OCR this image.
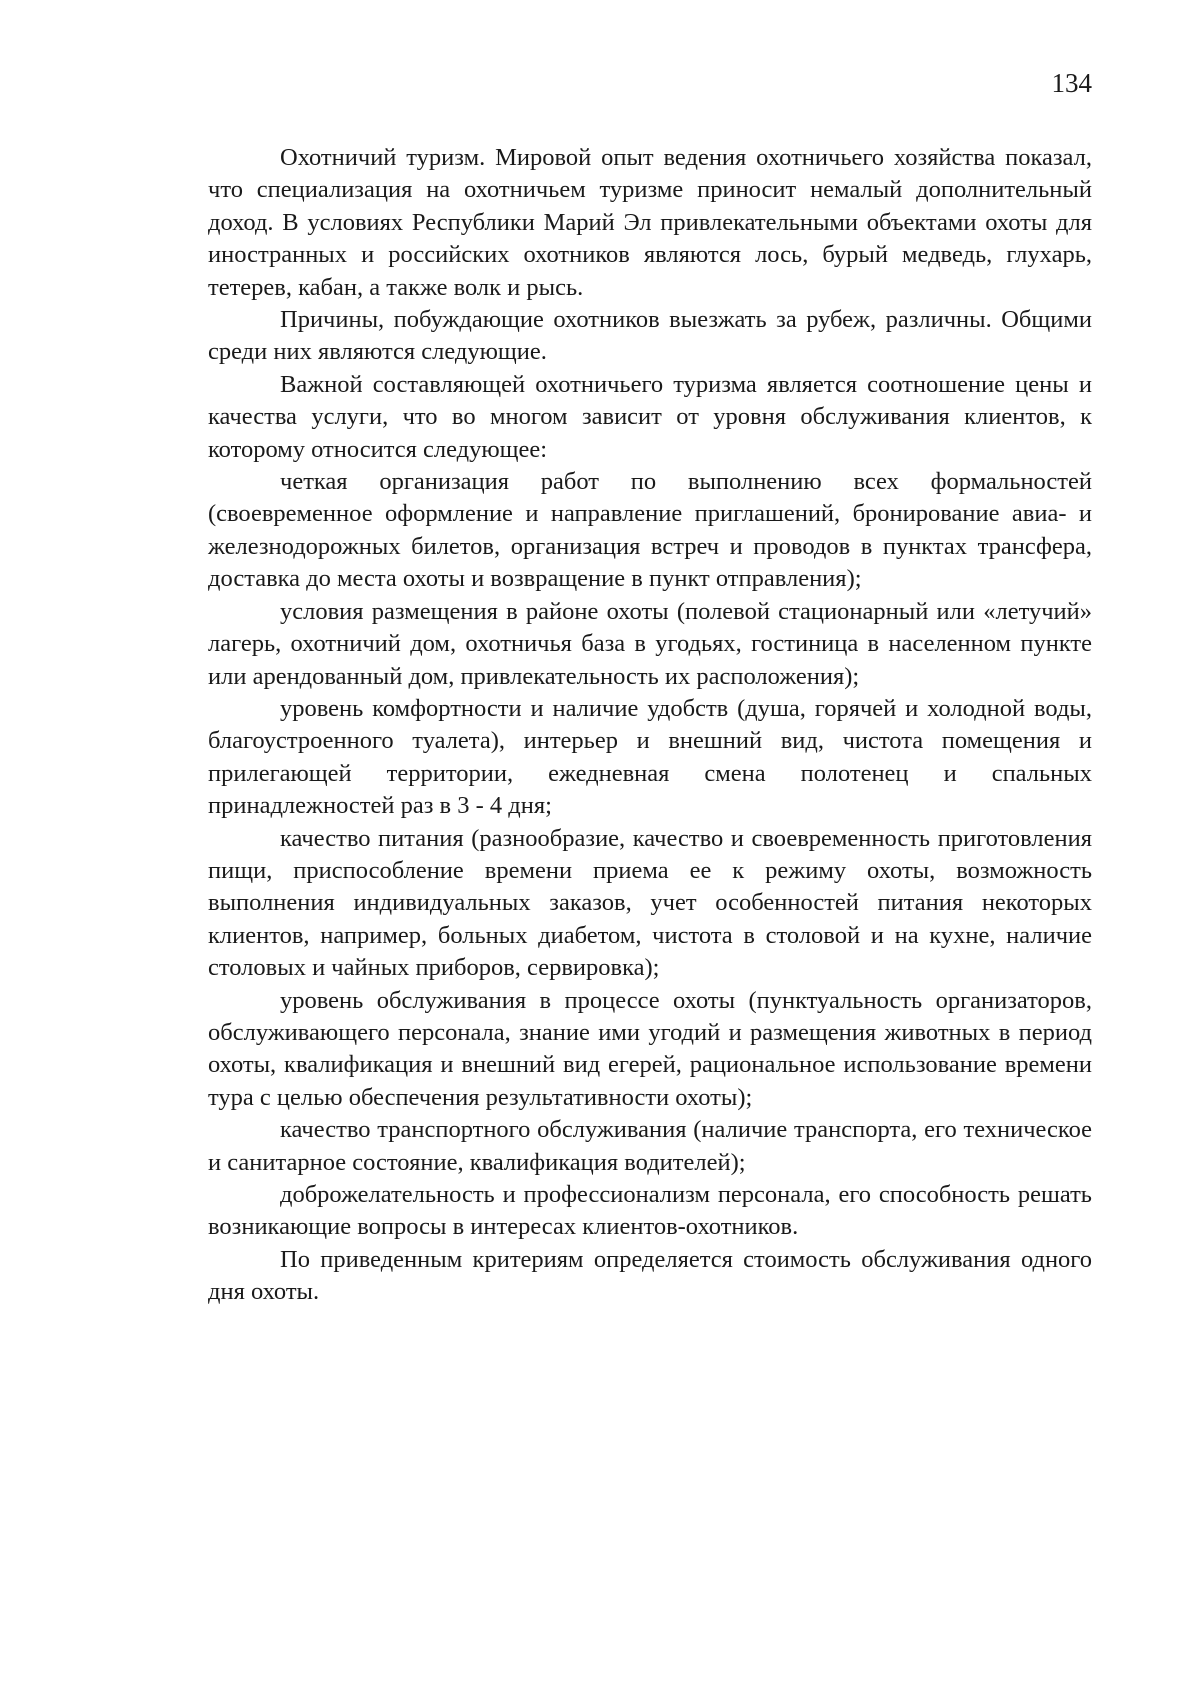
134

Охотничий туризм. Мировой опыт ведения охотничьего хозяйства показал, что специализация на охотничьем туризме приносит немалый дополнительный доход. В условиях Республики Марий Эл привлекательными объектами охоты для иностранных и российских охотников являются лось, бурый медведь, глухарь, тетерев, кабан, а также волк и рысь.

Причины, побуждающие охотников выезжать за рубеж, различны. Общими среди них являются следующие.

Важной составляющей охотничьего туризма является соотношение цены и качества услуги, что во многом зависит от уровня обслуживания клиентов, к которому относится следующее:

четкая организация работ по выполнению всех формальностей (своевременное оформление и направление приглашений, бронирование авиа- и железнодорожных билетов, организация встреч и проводов в пунктах трансфера, доставка до места охоты и возвращение в пункт отправления);

условия размещения в районе охоты (полевой стационарный или «летучий» лагерь, охотничий дом, охотничья база в угодьях, гостиница в населенном пункте или арендованный дом, привлекательность их расположения);

уровень комфортности и наличие удобств (душа, горячей и холодной воды, благоустроенного туалета), интерьер и внешний вид, чистота помещения и прилегающей территории, ежедневная смена полотенец и спальных принадлежностей раз в 3 - 4 дня;

качество питания (разнообразие, качество и своевременность приготовления пищи, приспособление времени приема ее к режиму охоты, возможность выполнения индивидуальных заказов, учет особенностей питания некоторых клиентов, например, больных диабетом, чистота в столовой и на кухне, наличие столовых и чайных приборов, сервировка);

уровень обслуживания в процессе охоты (пунктуальность организаторов, обслуживающего персонала, знание ими угодий и размещения животных в период охоты, квалификация и внешний вид егерей, рациональное использование времени тура с целью обеспечения результативности охоты);

качество транспортного обслуживания (наличие транспорта, его техническое и санитарное состояние, квалификация водителей);

доброжелательность и профессионализм персонала, его способность решать возникающие вопросы в интересах клиентов-охотников.

По приведенным критериям определяется стоимость обслуживания одного дня охоты.
